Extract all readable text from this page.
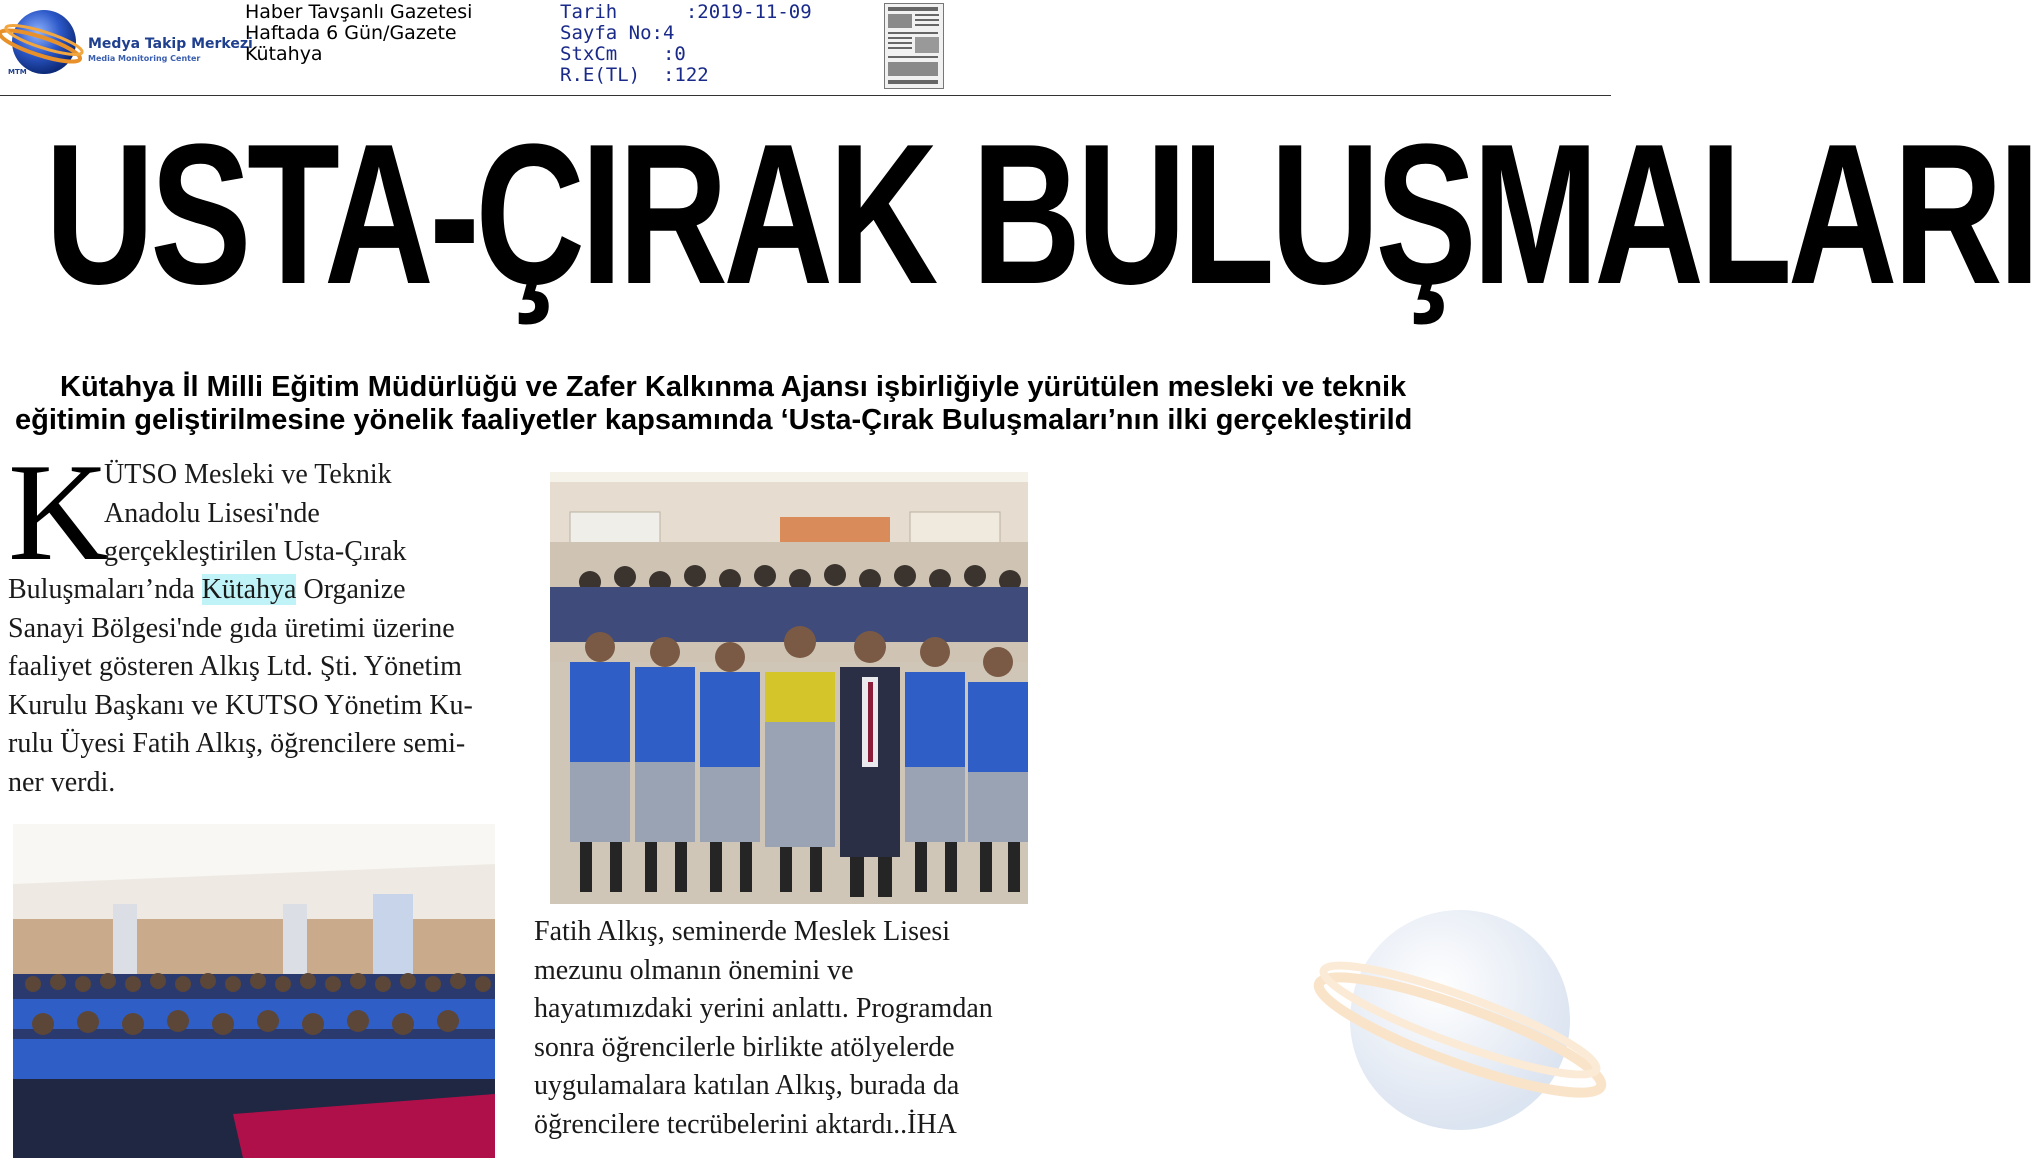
Medya Takip Merkezi
Media Monitoring Center
MTM
Haber Tavşanlı Gazetesi
Haftada 6 Gün/Gazete
Kütahya
Tarih	:2019-11-09
Sayfa No:4
StxCm :0
R.E(TL) :122
USTA-ÇIRAK BULUŞMALARI
Kütahya İl Milli Eğitim Müdürlüğü ve Zafer Kalkınma Ajansı işbirliğiyle yürütülen mesleki ve teknik
eğitimin geliştirilmesine yönelik faaliyetler kapsamında ‘Usta-Çırak Buluşmaları’nın ilki gerçekleştirild
K
ÜTSO Mesleki ve Teknik
Anadolu Lisesi'nde
gerçekleştirilen Usta-Çırak
Buluşmaları’nda Kütahya Organize
Sanayi Bölgesi'nde gıda üretimi üzerine
faaliyet gösteren Alkış Ltd. Şti. Yönetim
Kurulu Başkanı ve KUTSO Yönetim Ku-
rulu Üyesi Fatih Alkış, öğrencilere semi-
ner verdi.
Fatih Alkış, seminerde Meslek Lisesi
mezunu olmanın önemini ve
hayatımızdaki yerini anlattı. Programdan
sonra öğrencilerle birlikte atölyelerde
uygulamalara katılan Alkış, burada da
öğrencilere tecrübelerini aktardı..İHA
